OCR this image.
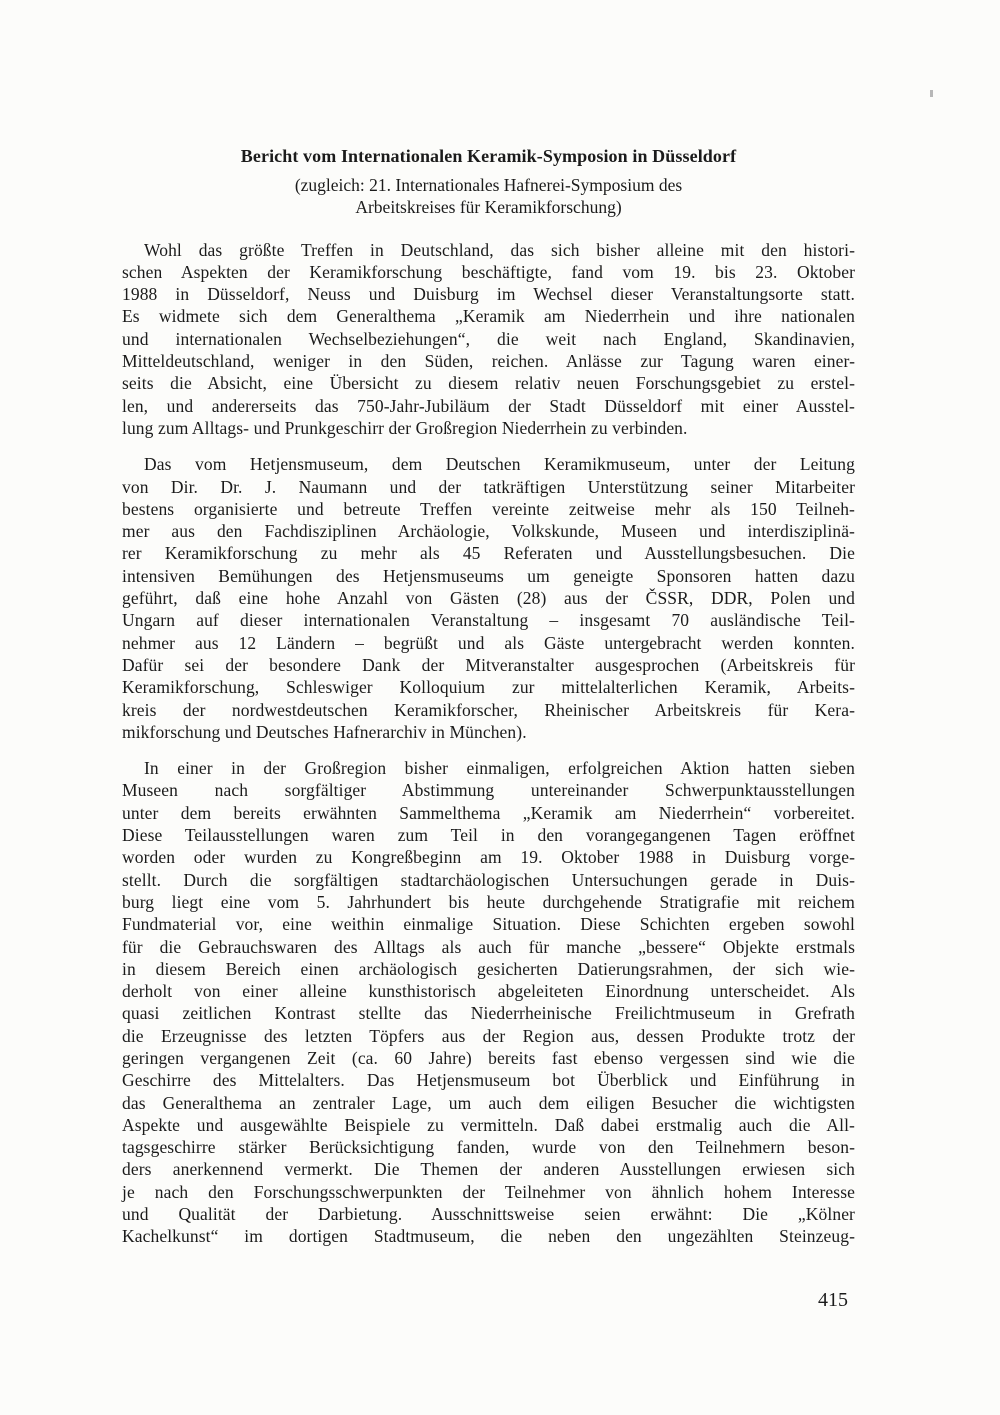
Bericht vom Internationalen Keramik-Symposion in Düsseldorf
(zugleich: 21. Internationales Hafnerei-Symposium des
Arbeitskreises für Keramikforschung)
Wohl das größte Treffen in Deutschland, das sich bisher alleine mit den histori-
schen Aspekten der Keramikforschung beschäftigte, fand vom 19. bis 23. Oktober
1988 in Düsseldorf, Neuss und Duisburg im Wechsel dieser Veranstaltungsorte statt.
Es widmete sich dem Generalthema „Keramik am Niederrhein und ihre nationalen
und internationalen Wechselbeziehungen“, die weit nach England, Skandinavien,
Mitteldeutschland, weniger in den Süden, reichen. Anlässe zur Tagung waren einer-
seits die Absicht, eine Übersicht zu diesem relativ neuen Forschungsgebiet zu erstel-
len, und andererseits das 750-Jahr-Jubiläum der Stadt Düsseldorf mit einer Ausstel-
lung zum Alltags- und Prunkgeschirr der Großregion Niederrhein zu verbinden.
Das vom Hetjensmuseum, dem Deutschen Keramikmuseum, unter der Leitung
von Dir. Dr. J. Naumann und der tatkräftigen Unterstützung seiner Mitarbeiter
bestens organisierte und betreute Treffen vereinte zeitweise mehr als 150 Teilneh-
mer aus den Fachdisziplinen Archäologie, Volkskunde, Museen und interdisziplinä-
rer Keramikforschung zu mehr als 45 Referaten und Ausstellungsbesuchen. Die
intensiven Bemühungen des Hetjensmuseums um geneigte Sponsoren hatten dazu
geführt, daß eine hohe Anzahl von Gästen (28) aus der ČSSR, DDR, Polen und
Ungarn auf dieser internationalen Veranstaltung – insgesamt 70 ausländische Teil-
nehmer aus 12 Ländern – begrüßt und als Gäste untergebracht werden konnten.
Dafür sei der besondere Dank der Mitveranstalter ausgesprochen (Arbeitskreis für
Keramikforschung, Schleswiger Kolloquium zur mittelalterlichen Keramik, Arbeits-
kreis der nordwestdeutschen Keramikforscher, Rheinischer Arbeitskreis für Kera-
mikforschung und Deutsches Hafnerarchiv in München).
In einer in der Großregion bisher einmaligen, erfolgreichen Aktion hatten sieben
Museen nach sorgfältiger Abstimmung untereinander Schwerpunktausstellungen
unter dem bereits erwähnten Sammelthema „Keramik am Niederrhein“ vorbereitet.
Diese Teilausstellungen waren zum Teil in den vorangegangenen Tagen eröffnet
worden oder wurden zu Kongreßbeginn am 19. Oktober 1988 in Duisburg vorge-
stellt. Durch die sorgfältigen stadtarchäologischen Untersuchungen gerade in Duis-
burg liegt eine vom 5. Jahrhundert bis heute durchgehende Stratigrafie mit reichem
Fundmaterial vor, eine weithin einmalige Situation. Diese Schichten ergeben sowohl
für die Gebrauchswaren des Alltags als auch für manche „bessere“ Objekte erstmals
in diesem Bereich einen archäologisch gesicherten Datierungsrahmen, der sich wie-
derholt von einer alleine kunsthistorisch abgeleiteten Einordnung unterscheidet. Als
quasi zeitlichen Kontrast stellte das Niederrheinische Freilichtmuseum in Grefrath
die Erzeugnisse des letzten Töpfers aus der Region aus, dessen Produkte trotz der
geringen vergangenen Zeit (ca. 60 Jahre) bereits fast ebenso vergessen sind wie die
Geschirre des Mittelalters. Das Hetjensmuseum bot Überblick und Einführung in
das Generalthema an zentraler Lage, um auch dem eiligen Besucher die wichtigsten
Aspekte und ausgewählte Beispiele zu vermitteln. Daß dabei erstmalig auch die All-
tagsgeschirre stärker Berücksichtigung fanden, wurde von den Teilnehmern beson-
ders anerkennend vermerkt. Die Themen der anderen Ausstellungen erwiesen sich
je nach den Forschungsschwerpunkten der Teilnehmer von ähnlich hohem Interesse
und Qualität der Darbietung. Ausschnittsweise seien erwähnt: Die „Kölner
Kachelkunst“ im dortigen Stadtmuseum, die neben den ungezählten Steinzeug-
415
